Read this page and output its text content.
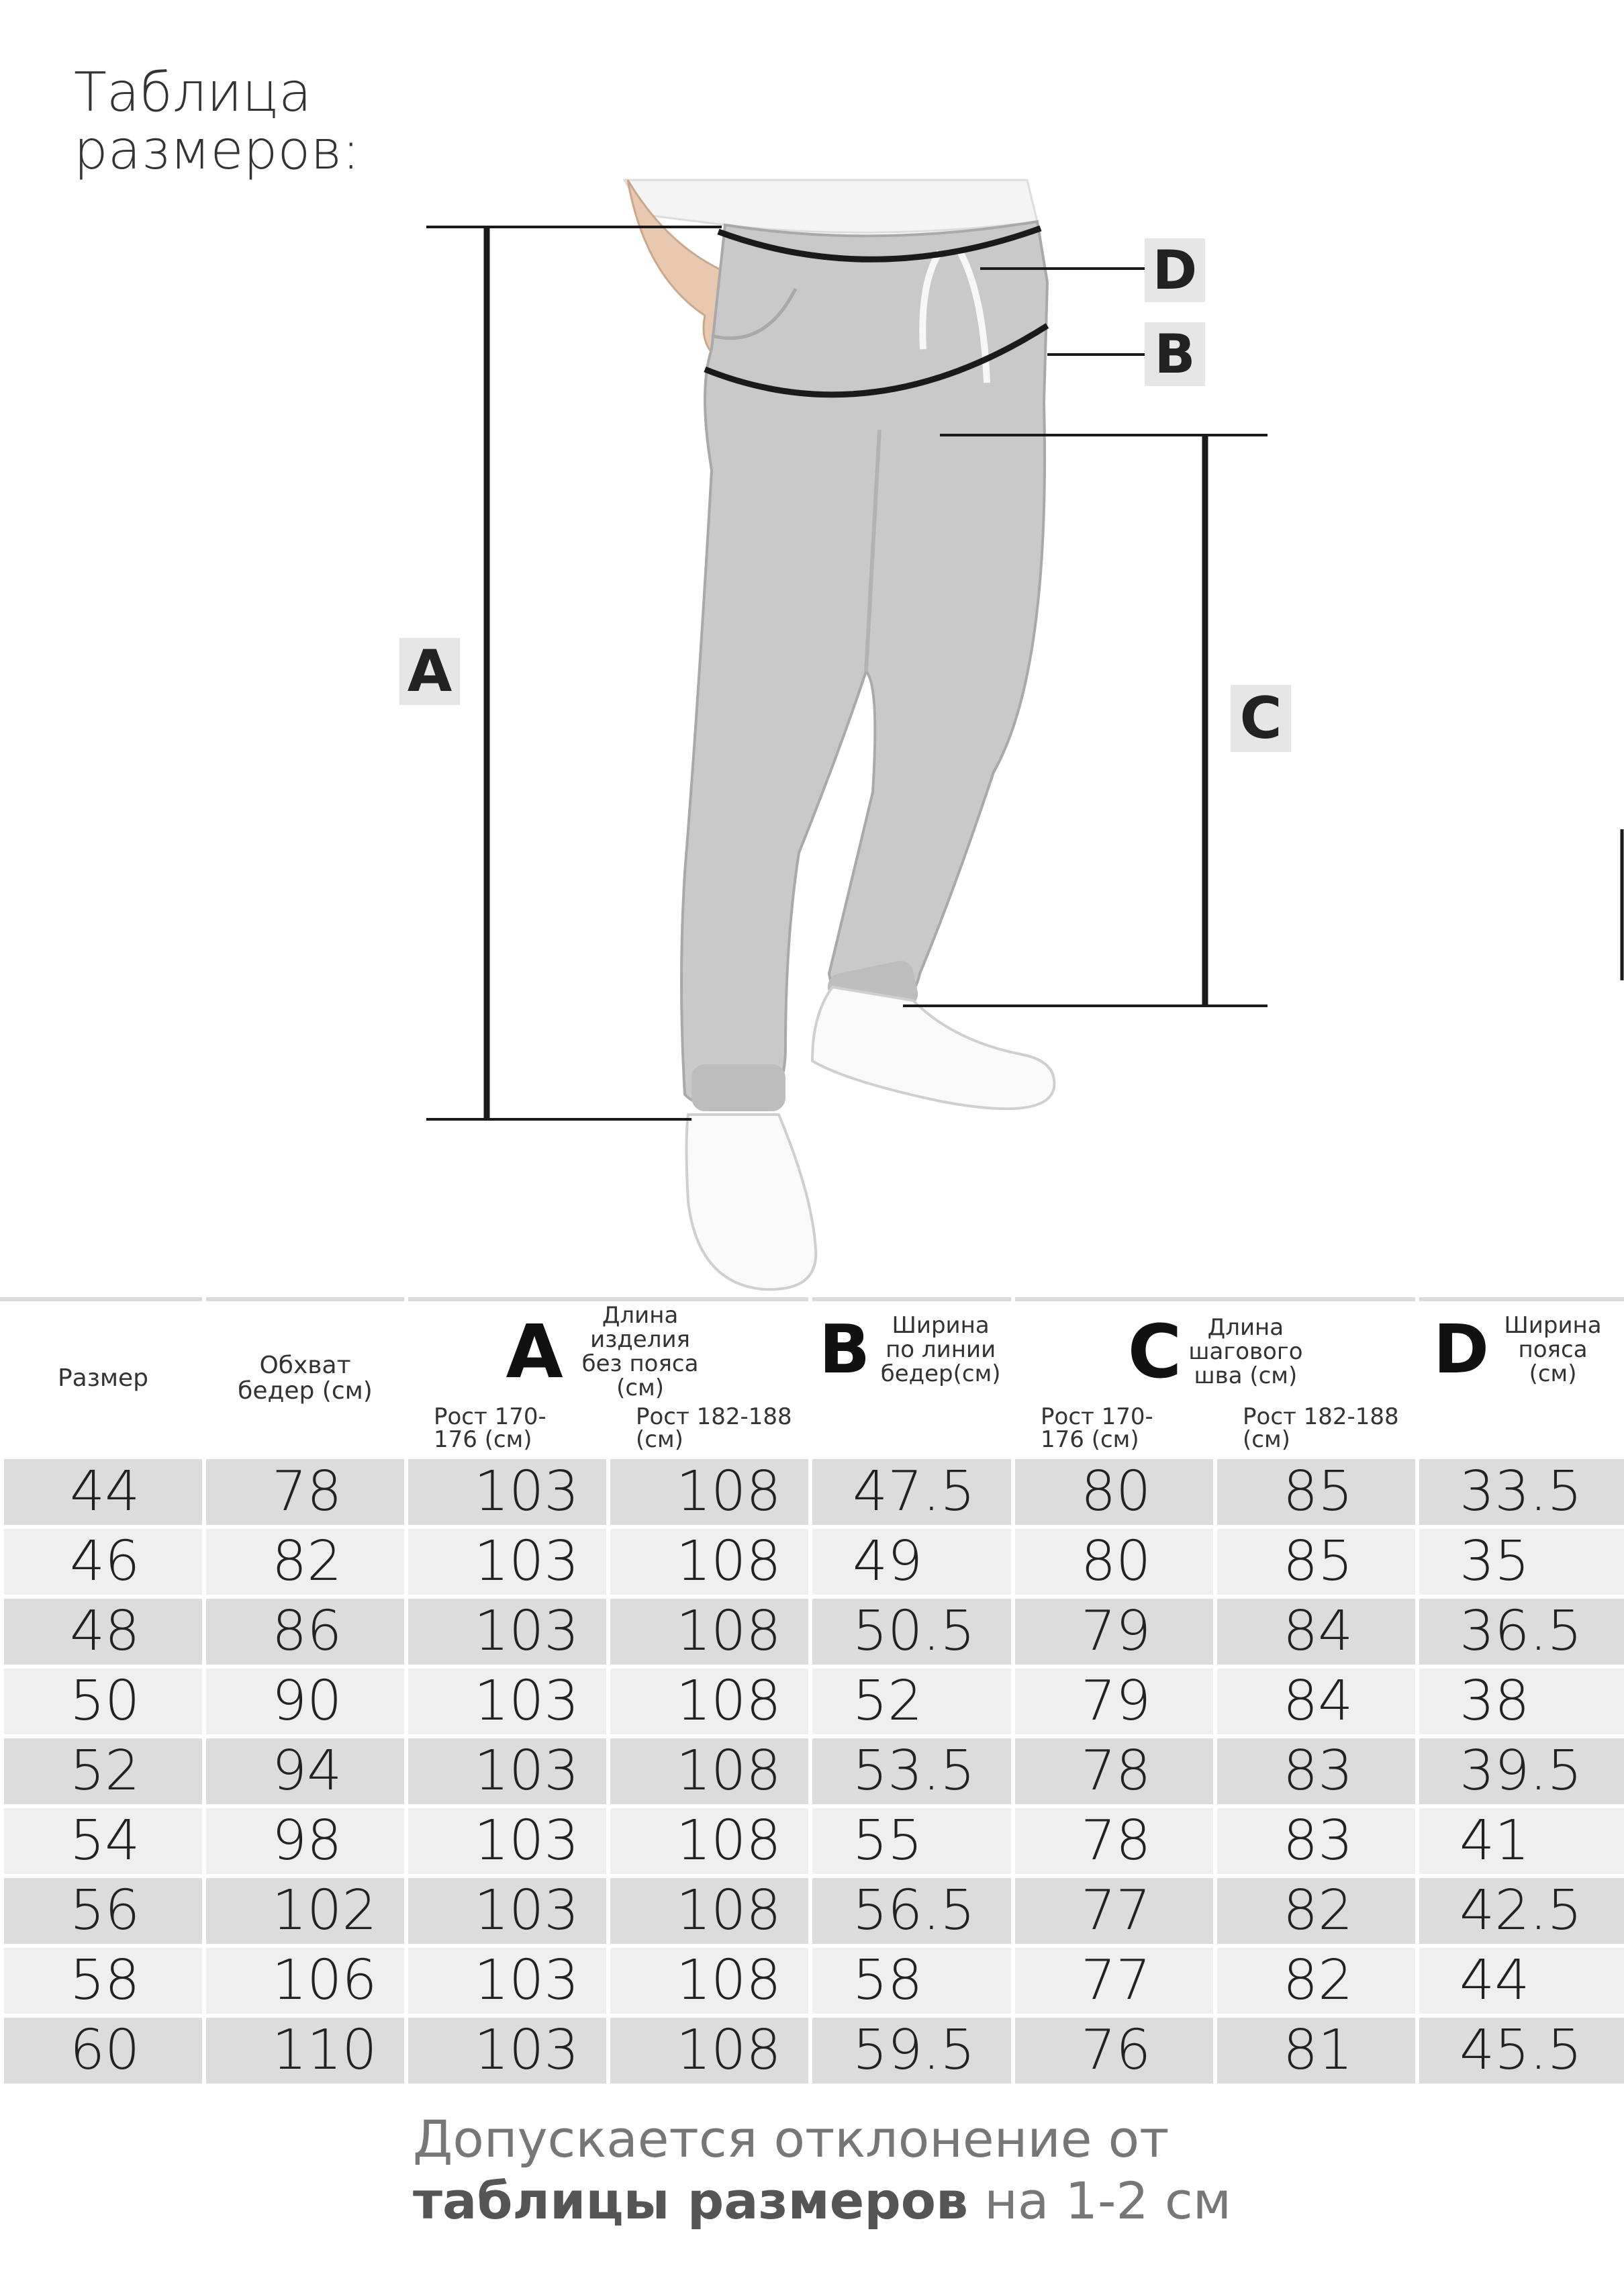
Таблица
размеров:
D
B
A
C
Размер	Обхват бедер (см)	A Длина изделия без пояса (см)		B Ширина по линии бедер(см)	C Длина шагового шва (см)		D Ширина пояса (см)

		Рост 170-176 (см)	Рост 182-188 (см)		Рост 170-176 (см)	Рост 182-188 (см)	

44	78	103	108	47.5	80	85	33.5
46	82	103	108	49	80	85	35
48	86	103	108	50.5	79	84	36.5
50	90	103	108	52	79	84	38
52	94	103	108	53.5	78	83	39.5
54	98	103	108	55	78	83	41
56	102	103	108	56.5	77	82	42.5
58	106	103	108	58	77	82	44
60	110	103	108	59.5	76	81	45.5
Допускается отклонение от
таблицы размеров на 1-2 см
